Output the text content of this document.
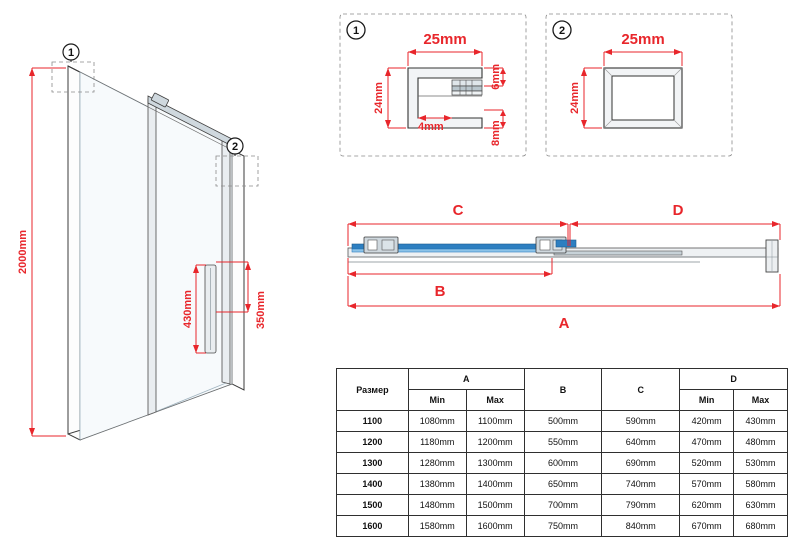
1
2
2000mm
430mm	350mm
1	25mm
24mm
4mm
6mm
8mm
2	25mm
24mm
C	D
B
A
Размер	A		B	C	D	
	Min	Max			Min	Max
1100	1080mm	1100mm	500mm	590mm	420mm	430mm
1200	1180mm	1200mm	550mm	640mm	470mm	480mm
1300	1280mm	1300mm	600mm	690mm	520mm	530mm
1400	1380mm	1400mm	650mm	740mm	570mm	580mm
1500	1480mm	1500mm	700mm	790mm	620mm	630mm
1600	1580mm	1600mm	750mm	840mm	670mm	680mm
